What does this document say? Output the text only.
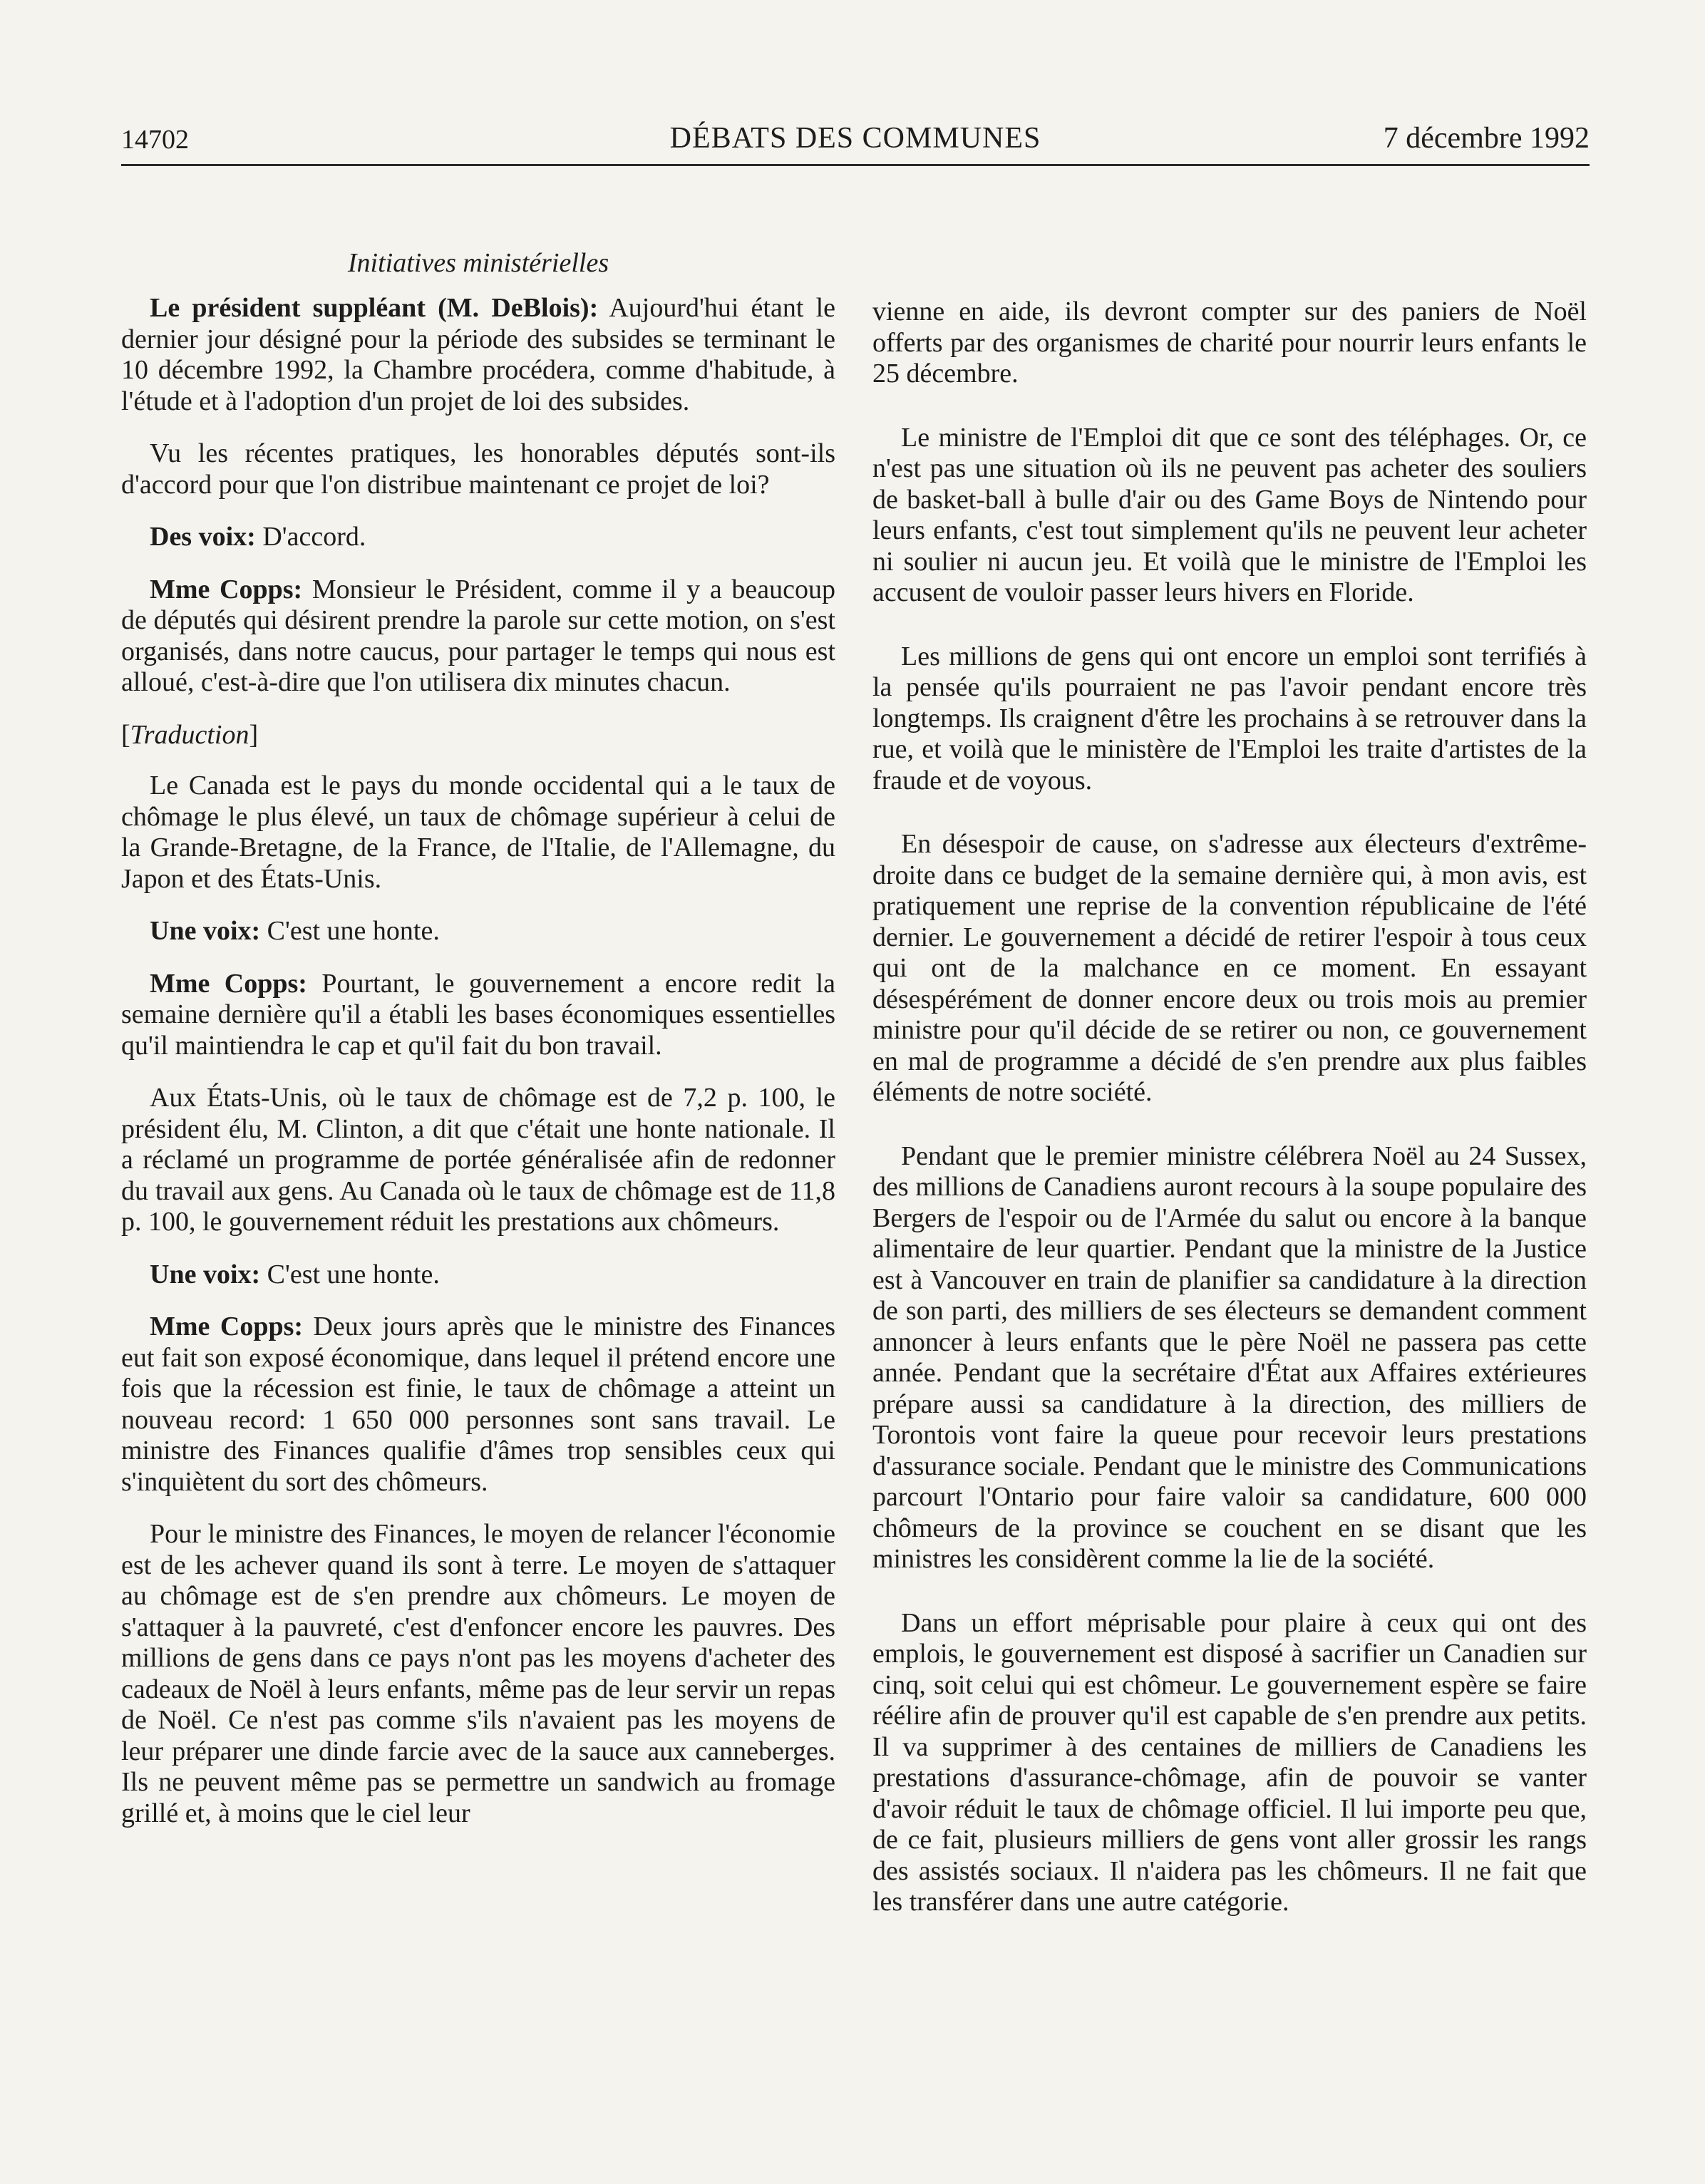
14702	DÉBATS DES COMMUNES	7 décembre 1992
Initiatives ministérielles

Le président suppléant (M. DeBlois): Aujourd'hui étant le dernier jour désigné pour la période des subsides se terminant le 10 décembre 1992, la Chambre procédera, comme d'habitude, à l'étude et à l'adoption d'un projet de loi des subsides.

Vu les récentes pratiques, les honorables députés sont-ils d'accord pour que l'on distribue maintenant ce projet de loi?

Des voix: D'accord.

Mme Copps: Monsieur le Président, comme il y a beaucoup de députés qui désirent prendre la parole sur cette motion, on s'est organisés, dans notre caucus, pour partager le temps qui nous est alloué, c'est-à-dire que l'on utilisera dix minutes chacun.

[Traduction]

Le Canada est le pays du monde occidental qui a le taux de chômage le plus élevé, un taux de chômage supérieur à celui de la Grande-Bretagne, de la France, de l'Italie, de l'Allemagne, du Japon et des États-Unis.

Une voix: C'est une honte.

Mme Copps: Pourtant, le gouvernement a encore redit la semaine dernière qu'il a établi les bases économiques essentielles qu'il maintiendra le cap et qu'il fait du bon travail.

Aux États-Unis, où le taux de chômage est de 7,2 p. 100, le président élu, M. Clinton, a dit que c'était une honte nationale. Il a réclamé un programme de portée généralisée afin de redonner du travail aux gens. Au Canada où le taux de chômage est de 11,8 p. 100, le gouvernement réduit les prestations aux chômeurs.

Une voix: C'est une honte.

Mme Copps: Deux jours après que le ministre des Finances eut fait son exposé économique, dans lequel il prétend encore une fois que la récession est finie, le taux de chômage a atteint un nouveau record: 1 650 000 personnes sont sans travail. Le ministre des Finances qualifie d'âmes trop sensibles ceux qui s'inquiètent du sort des chômeurs.

Pour le ministre des Finances, le moyen de relancer l'économie est de les achever quand ils sont à terre. Le moyen de s'attaquer au chômage est de s'en prendre aux chômeurs. Le moyen de s'attaquer à la pauvreté, c'est d'enfoncer encore les pauvres. Des millions de gens dans ce pays n'ont pas les moyens d'acheter des cadeaux de Noël à leurs enfants, même pas de leur servir un repas de Noël. Ce n'est pas comme s'ils n'avaient pas les moyens de leur préparer une dinde farcie avec de la sauce aux canneberges. Ils ne peuvent même pas se permettre un sandwich au fromage grillé et, à moins que le ciel leur

vienne en aide, ils devront compter sur des paniers de Noël offerts par des organismes de charité pour nourrir leurs enfants le 25 décembre.

Le ministre de l'Emploi dit que ce sont des téléphages. Or, ce n'est pas une situation où ils ne peuvent pas acheter des souliers de basket-ball à bulle d'air ou des Game Boys de Nintendo pour leurs enfants, c'est tout simplement qu'ils ne peuvent leur acheter ni soulier ni aucun jeu. Et voilà que le ministre de l'Emploi les accusent de vouloir passer leurs hivers en Floride.

Les millions de gens qui ont encore un emploi sont terrifiés à la pensée qu'ils pourraient ne pas l'avoir pendant encore très longtemps. Ils craignent d'être les prochains à se retrouver dans la rue, et voilà que le ministère de l'Emploi les traite d'artistes de la fraude et de voyous.

En désespoir de cause, on s'adresse aux électeurs d'extrême-droite dans ce budget de la semaine dernière qui, à mon avis, est pratiquement une reprise de la convention républicaine de l'été dernier. Le gouvernement a décidé de retirer l'espoir à tous ceux qui ont de la malchance en ce moment. En essayant désespérément de donner encore deux ou trois mois au premier ministre pour qu'il décide de se retirer ou non, ce gouvernement en mal de programme a décidé de s'en prendre aux plus faibles éléments de notre société.

Pendant que le premier ministre célébrera Noël au 24 Sussex, des millions de Canadiens auront recours à la soupe populaire des Bergers de l'espoir ou de l'Armée du salut ou encore à la banque alimentaire de leur quartier. Pendant que la ministre de la Justice est à Vancouver en train de planifier sa candidature à la direction de son parti, des milliers de ses électeurs se demandent comment annoncer à leurs enfants que le père Noël ne passera pas cette année. Pendant que la secrétaire d'État aux Affaires extérieures prépare aussi sa candidature à la direction, des milliers de Torontois vont faire la queue pour recevoir leurs prestations d'assurance sociale. Pendant que le ministre des Communications parcourt l'Ontario pour faire valoir sa candidature, 600 000 chômeurs de la province se couchent en se disant que les ministres les considèrent comme la lie de la société.

Dans un effort méprisable pour plaire à ceux qui ont des emplois, le gouvernement est disposé à sacrifier un Canadien sur cinq, soit celui qui est chômeur. Le gouvernement espère se faire réélire afin de prouver qu'il est capable de s'en prendre aux petits. Il va supprimer à des centaines de milliers de Canadiens les prestations d'assurance-chômage, afin de pouvoir se vanter d'avoir réduit le taux de chômage officiel. Il lui importe peu que, de ce fait, plusieurs milliers de gens vont aller grossir les rangs des assistés sociaux. Il n'aidera pas les chômeurs. Il ne fait que les transférer dans une autre catégorie.
